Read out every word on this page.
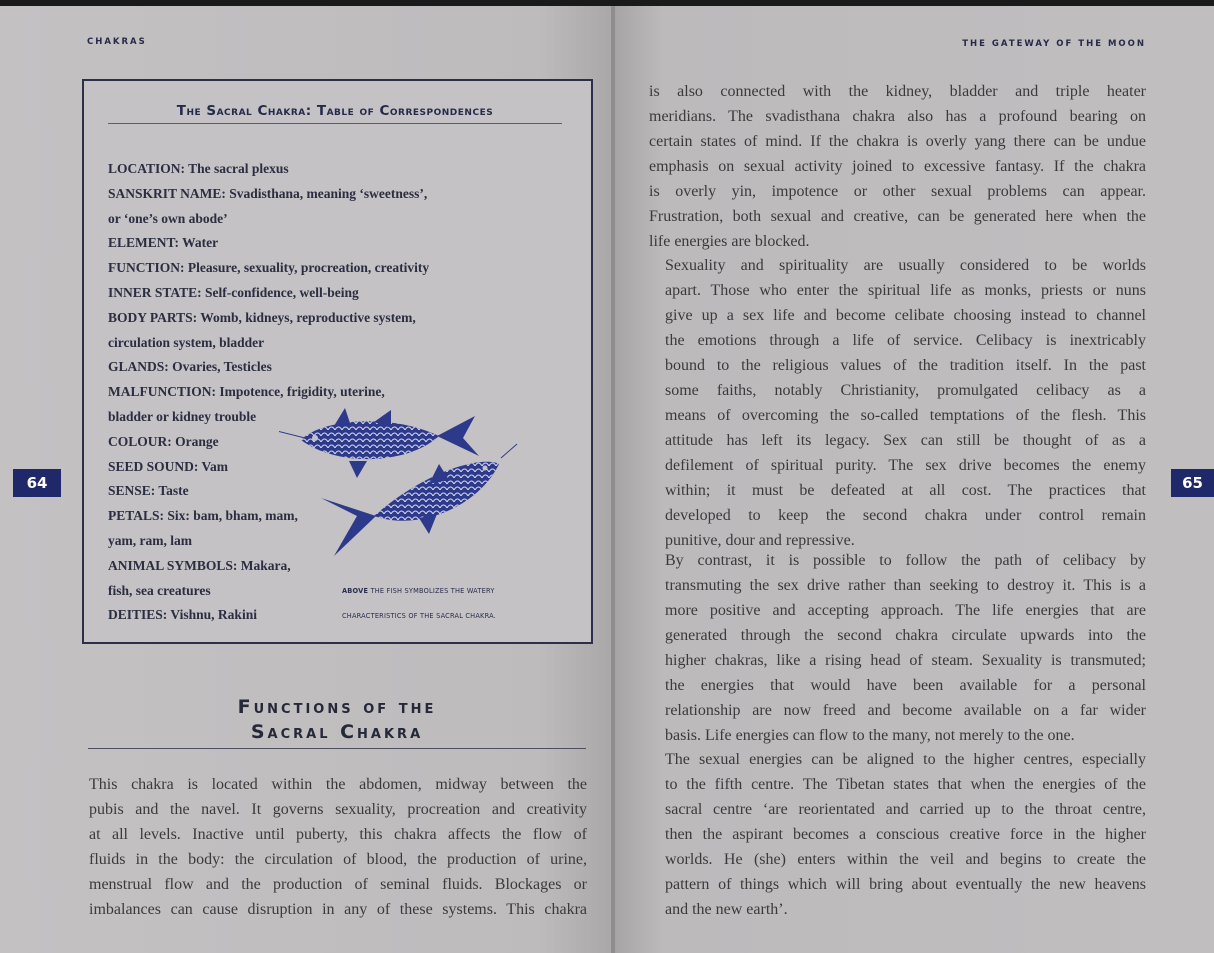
CHAKRAS
64
The Sacral Chakra: Table of Correspondences
LOCATION: The sacral plexus
SANSKRIT NAME: Svadisthana, meaning ‘sweetness’,
or ‘one’s own abode’
ELEMENT: Water
FUNCTION: Pleasure, sexuality, procreation, creativity
INNER STATE: Self-confidence, well-being
BODY PARTS: Womb, kidneys, reproductive system,
circulation system, bladder
GLANDS: Ovaries, Testicles
MALFUNCTION: Impotence, frigidity, uterine,
bladder or kidney trouble
COLOUR: Orange
SEED SOUND: Vam
SENSE: Taste
PETALS: Six: bam, bham, mam,
yam, ram, lam
ANIMAL SYMBOLS: Makara,
fish, sea creatures
DEITIES: Vishnu, Rakini
ABOVE THE FISH SYMBOLIZES THE WATERY
CHARACTERISTICS OF THE SACRAL CHAKRA.
Functions of the
Sacral Chakra
This chakra is located within the abdomen, midway between the
pubis and the navel. It governs sexuality, procreation and creativity
at all levels. Inactive until puberty, this chakra affects the flow of
fluids in the body: the circulation of blood, the production of urine,
menstrual flow and the production of seminal fluids. Blockages or
imbalances can cause disruption in any of these systems. This chakra
THE GATEWAY OF THE MOON
65
is also connected with the kidney, bladder and triple heater
meridians. The svadisthana chakra also has a profound bearing on
certain states of mind. If the chakra is overly yang there can be undue
emphasis on sexual activity joined to excessive fantasy. If the chakra
is overly yin, impotence or other sexual problems can appear.
Frustration, both sexual and creative, can be generated here when the
life energies are blocked.
Sexuality and spirituality are usually considered to be worlds
apart. Those who enter the spiritual life as monks, priests or nuns
give up a sex life and become celibate choosing instead to channel
the emotions through a life of service. Celibacy is inextricably
bound to the religious values of the tradition itself. In the past
some faiths, notably Christianity, promulgated celibacy as a
means of overcoming the so-called temptations of the flesh. This
attitude has left its legacy. Sex can still be thought of as a
defilement of spiritual purity. The sex drive becomes the enemy
within; it must be defeated at all cost. The practices that
developed to keep the second chakra under control remain
punitive, dour and repressive.
By contrast, it is possible to follow the path of celibacy by
transmuting the sex drive rather than seeking to destroy it. This is a
more positive and accepting approach. The life energies that are
generated through the second chakra circulate upwards into the
higher chakras, like a rising head of steam. Sexuality is transmuted;
the energies that would have been available for a personal
relationship are now freed and become available on a far wider
basis. Life energies can flow to the many, not merely to the one.
The sexual energies can be aligned to the higher centres, especially
to the fifth centre. The Tibetan states that when the energies of the
sacral centre ‘are reorientated and carried up to the throat centre,
then the aspirant becomes a conscious creative force in the higher
worlds. He (she) enters within the veil and begins to create the
pattern of things which will bring about eventually the new heavens
and the new earth’.
